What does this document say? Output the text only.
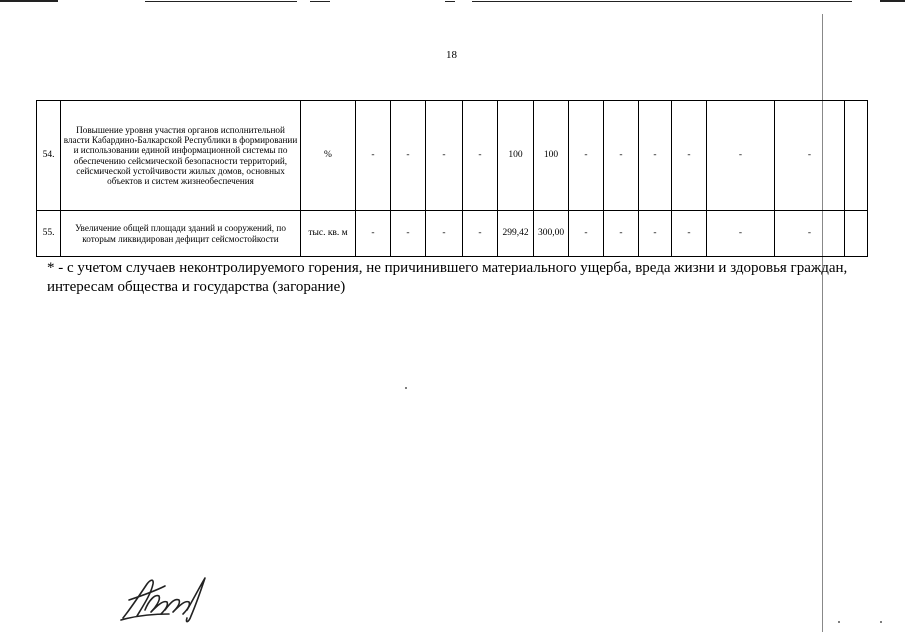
18
54.	Повышение уровня участия органов исполнительной власти Кабардино-Балкарской Республики в формировании и использовании единой информационной системы по обеспечению сейсмической безопасности территорий, сейсмической устойчивости жилых домов, основных объектов и систем жизнеобеспечения	%	-	-	-	-	100	100	-	-	-	-	-	-	
55.	Увеличение общей площади зданий и сооружений, по которым ликвидирован дефицит сейсмостойкости	тыс. кв. м	-	-	-	-	299,42	300,00	-	-	-	-	-	-	
* - с учетом случаев неконтролируемого горения, не причинившего материального ущерба, вреда жизни и здоровья граждан, интересам общества и государства (загорание)
